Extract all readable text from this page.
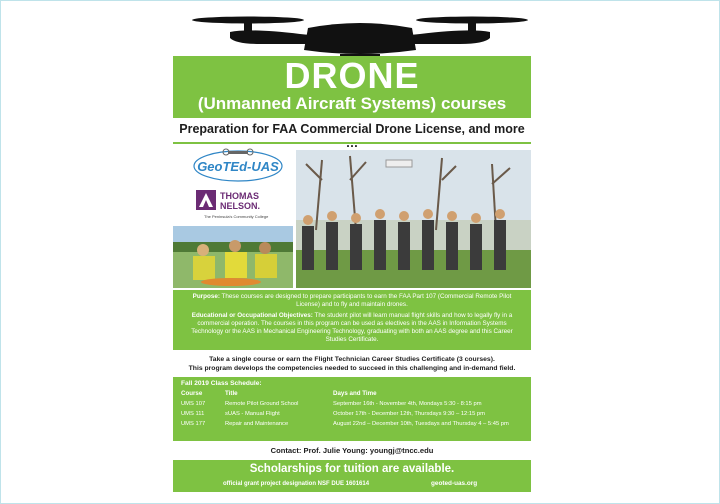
DRONE
(Unmanned Aircraft Systems) courses
Preparation for FAA Commercial Drone License, and more
GeoTEd-UAS
THOMAS
NELSON.
The Peninsula's Community College

Purpose: These courses are designed to prepare participants to earn the FAA Part 107 (Commercial Remote Pilot License) and to fly and maintain drones.

Educational or Occupational Objectives: The student pilot will learn manual flight skills and how to legally fly in a commercial operation. The courses in this program can be used as electives in the AAS in Information Systems Technology or the AAS in Mechanical Engineering Technology, graduating with both an AAS degree and this Career Studies Certificate.

Take a single course or earn the Flight Technician Career Studies Certificate (3 courses).
This program develops the competencies needed to succeed in this challenging and in-demand field.
Fall 2019 Class Schedule:
Course	Title	Days and Time
UMS 107	Remote Pilot Ground School	September 16th - November 4th, Mondays 5:30 - 8:15 pm
UMS 111	sUAS - Manual Flight	October 17th - December 12th, Thursdays 9:30 – 12:15 pm
UMS 177	Repair and Maintenance	August 22nd – December 10th, Tuesdays and Thursday 4 – 5:45 pm
Contact: Prof. Julie Young: youngj@tncc.edu
Scholarships for tuition are available.
official grant project designation NSF DUE 1601614	geoted-uas.org
